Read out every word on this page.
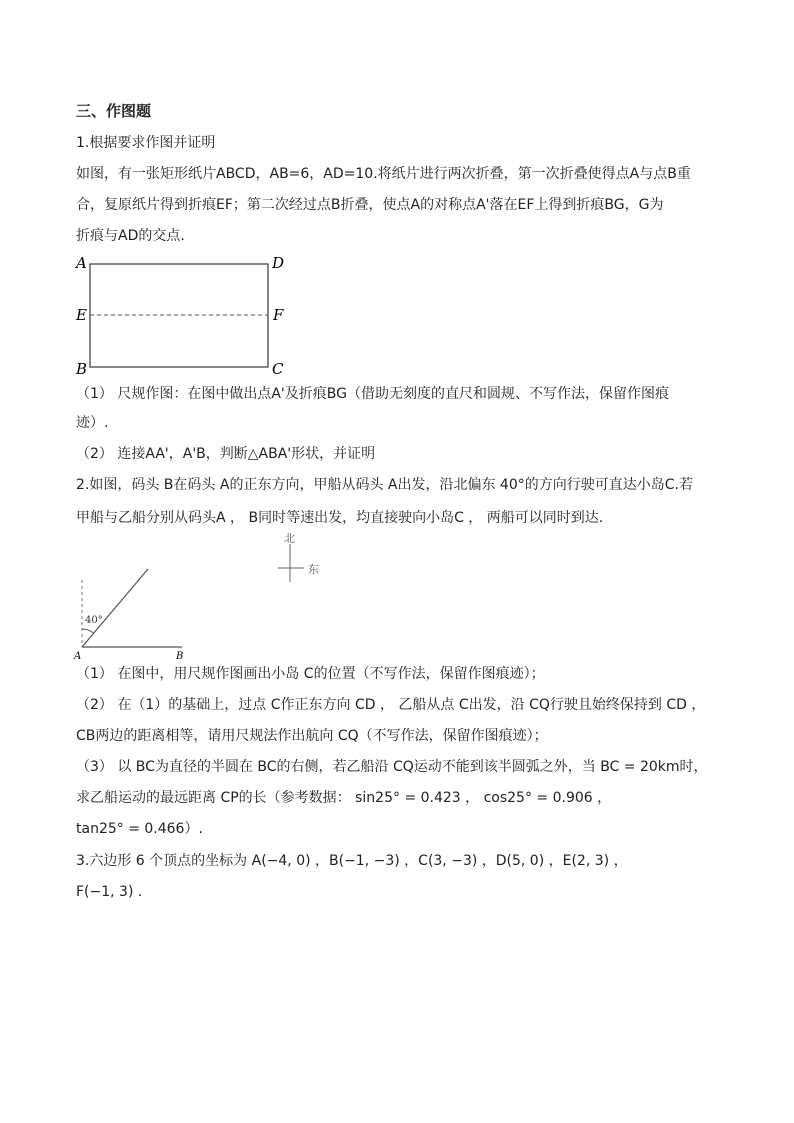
三、作图题
1.根据要求作图并证明
如图，有一张矩形纸片ABCD，AB=6，AD=10.将纸片进行两次折叠，第一次折叠使得点A与点B重
合，复原纸片得到折痕EF；第二次经过点B折叠，使点A的对称点A'落在EF上得到折痕BG，G为
折痕与AD的交点.
A	D
E	F
B	C
（1） 尺规作图：在图中做出点A'及折痕BG（借助无刻度的直尺和圆规、不写作法，保留作图痕
迹）.
（2） 连接AA'，A'B，判断△ABA'形状，并证明
2.如图，码头 B在码头 A的正东方向，甲船从码头 A出发，沿北偏东 40°的方向行驶可直达小岛C.若
甲船与乙船分别从码头A ， B同时等速出发，均直接驶向小岛C ， 两船可以同时到达.
北
东
40°
A	B
（1） 在图中，用尺规作图画出小岛 C的位置（不写作法，保留作图痕迹）；
（2） 在（1）的基础上，过点 C作正东方向 CD ， 乙船从点 C出发，沿 CQ行驶且始终保持到 CD ，
CB两边的距离相等，请用尺规法作出航向 CQ（不写作法，保留作图痕迹）；
（3） 以 BC为直径的半圆在 BC的右侧，若乙船沿 CQ运动不能到该半圆弧之外，当 BC = 20km时，
求乙船运动的最远距离 CP的长（参考数据： sin25° = 0.423 ， cos25° = 0.906 ，
tan25° = 0.466）.
3.六边形 6 个顶点的坐标为 A(−4, 0) ，B(−1, −3) ，C(3, −3) ，D(5, 0) ，E(2, 3) ，
F(−1, 3) .
